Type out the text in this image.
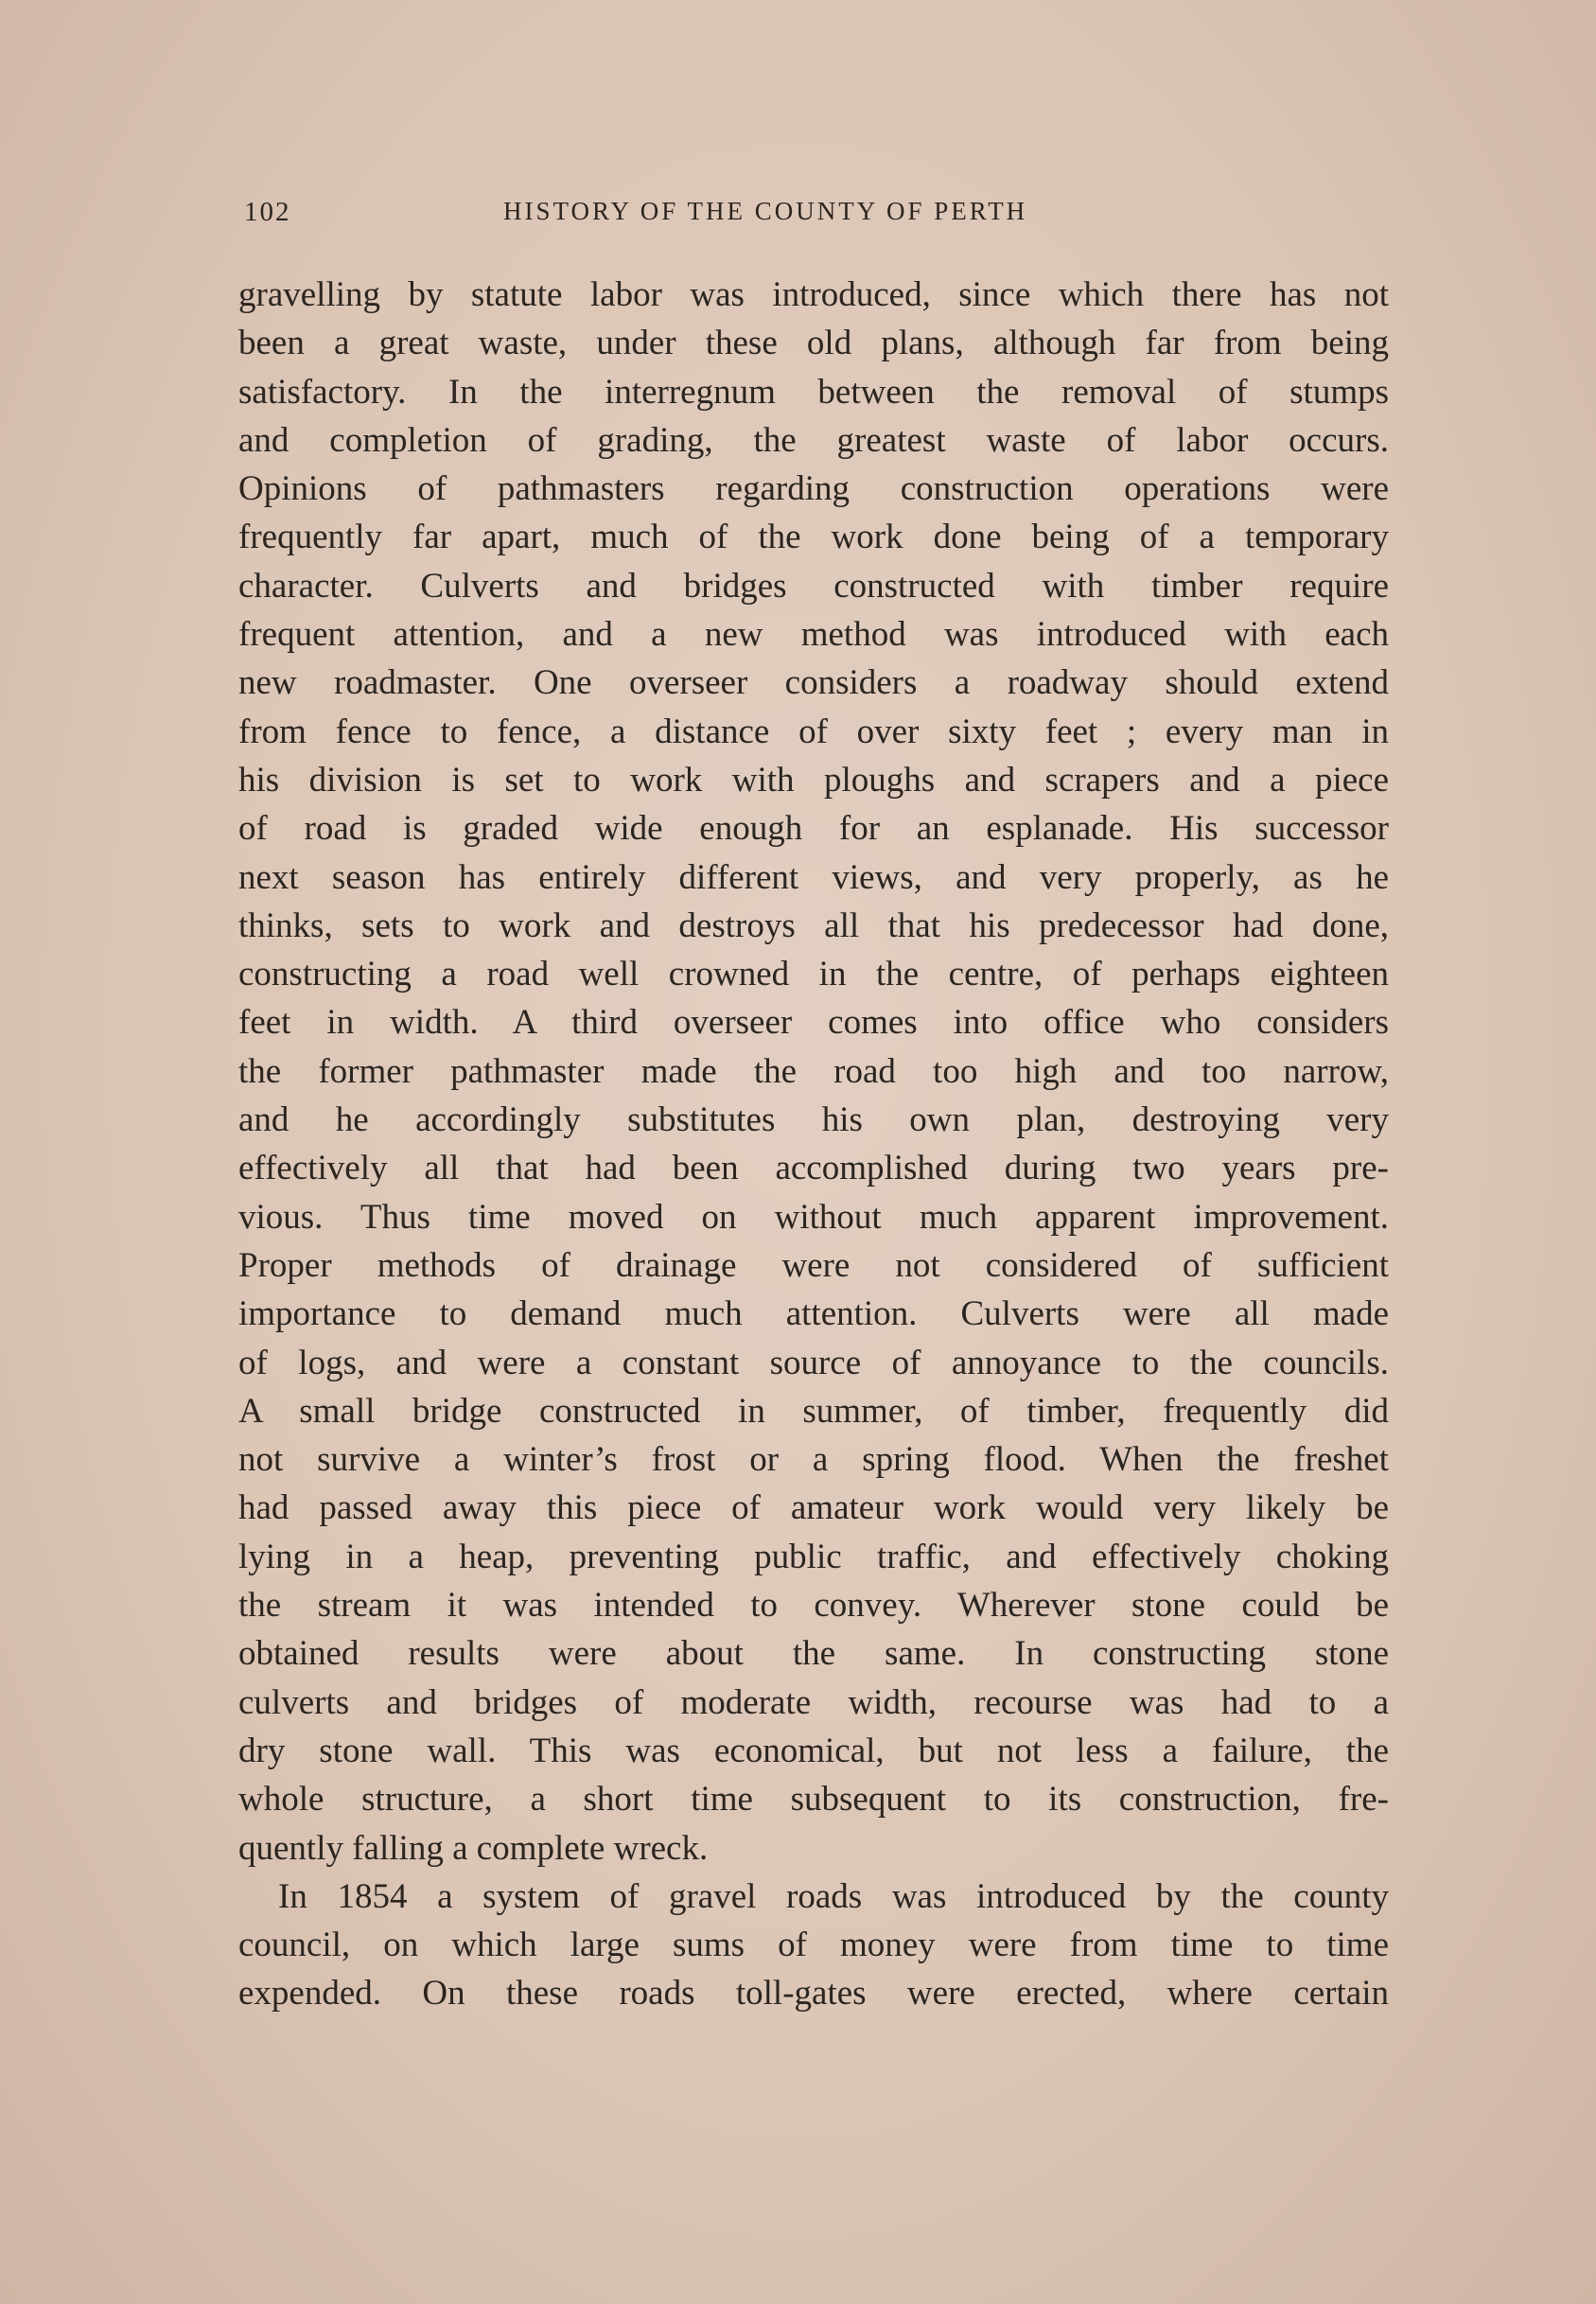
102	HISTORY OF THE COUNTY OF PERTH
gravelling by statute labor was introduced, since which there has not
been a great waste, under these old plans, although far from being
satisfactory. In the interregnum between the removal of stumps
and completion of grading, the greatest waste of labor occurs.
Opinions of pathmasters regarding construction operations were
frequently far apart, much of the work done being of a temporary
character. Culverts and bridges constructed with timber require
frequent attention, and a new method was introduced with each
new roadmaster. One overseer considers a roadway should extend
from fence to fence, a distance of over sixty feet ; every man in
his division is set to work with ploughs and scrapers and a piece
of road is graded wide enough for an esplanade. His successor
next season has entirely different views, and very properly, as he
thinks, sets to work and destroys all that his predecessor had done,
constructing a road well crowned in the centre, of perhaps eighteen
feet in width. A third overseer comes into office who considers
the former pathmaster made the road too high and too narrow,
and he accordingly substitutes his own plan, destroying very
effectively all that had been accomplished during two years pre-
vious. Thus time moved on without much apparent improvement.
Proper methods of drainage were not considered of sufficient
importance to demand much attention. Culverts were all made
of logs, and were a constant source of annoyance to the councils.
A small bridge constructed in summer, of timber, frequently did
not survive a winter’s frost or a spring flood. When the freshet
had passed away this piece of amateur work would very likely be
lying in a heap, preventing public traffic, and effectively choking
the stream it was intended to convey. Wherever stone could be
obtained results were about the same. In constructing stone
culverts and bridges of moderate width, recourse was had to a
dry stone wall. This was economical, but not less a failure, the
whole structure, a short time subsequent to its construction, fre-
quently falling a complete wreck.
In 1854 a system of gravel roads was introduced by the county
council, on which large sums of money were from time to time
expended. On these roads toll-gates were erected, where certain
